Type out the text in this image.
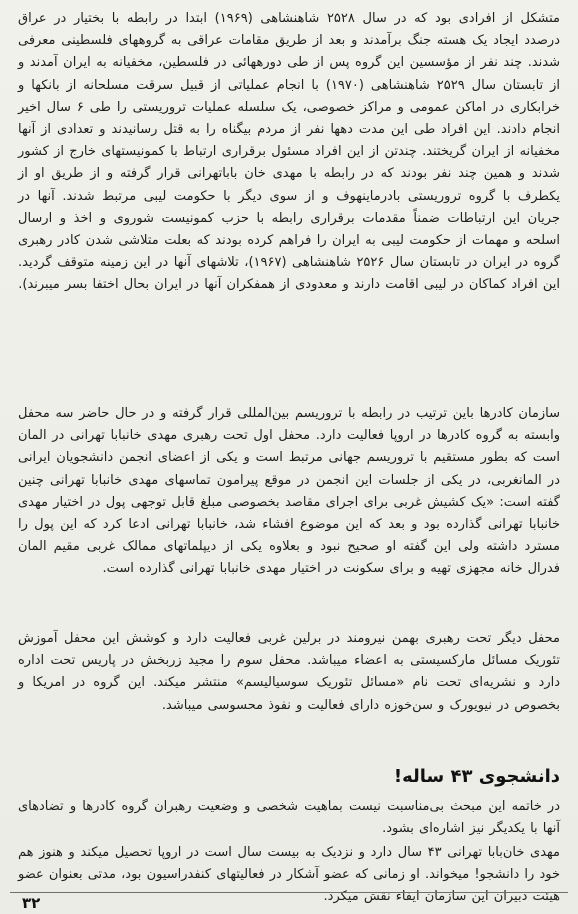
متشکل از افرادی بود که در سال ۲۵۲۸ شاهنشاهی (۱۹۶۹) ابتدا در رابطه با بختیار در عراق درصدد ایجاد یک هسته جنگ برآمدند و بعد از طریق مقامات عراقی به گروههای فلسطینی معرفی شدند. چند نفر از مؤسسین این گروه پس از طی دورههائی در فلسطین، مخفیانه به ایران آمدند و از تابستان سال ۲۵۲۹ شاهنشاهی (۱۹۷۰) با انجام عملیاتی از قبیل سرقت مسلحانه از بانکها و خرابکاری در اماکن عمومی و مراکز خصوصی، یک سلسله عملیات تروریستی را طی ۶ سال اخیر انجام دادند. این افراد طی این مدت دهها نفر از مردم بیگناه را به قتل رسانیدند و تعدادی از آنها مخفیانه از ایران گریختند. چندتن از این افراد مسئول برقراری ارتباط با کمونیستهای خارج از کشور شدند و همین چند نفر بودند که در رابطه با مهدی خان باباتهرانی قرار گرفته و از طریق او از یکطرف با گروه تروریستی بادرماینهوف و از سوی دیگر با حکومت لیبی مرتبط شدند. آنها در جریان این ارتباطات ضمناً مقدمات برقراری رابطه با حزب کمونیست شوروی و اخذ و ارسال اسلحه و مهمات از حکومت لیبی به ایران را فراهم کرده بودند که بعلت متلاشی شدن کادر رهبری گروه در ایران در تابستان سال ۲۵۲۶ شاهنشاهی (۱۹۶۷)، تلاشهای آنها در این زمینه متوقف گردید. این افراد کماکان در لیبی اقامت دارند و معدودی از همفکران آنها در ایران بحال اختفا بسر میبرند).

سازمان کادرها باین ترتیب در رابطه با تروریسم بین‌المللی قرار گرفته و در حال حاضر سه محفل وابسته به گروه کادرها در اروپا فعالیت دارد. محفل اول تحت رهبری مهدی خانبابا تهرانی در المان است که بطور مستقیم با تروریسم جهانی مرتبط است و یکی از اعضای انجمن دانشجویان ایرانی در المانغربی، در یکی از جلسات این انجمن در موقع پیرامون تماسهای مهدی خانبابا تهرانی چنین گفته است: «یک کشیش غربی برای اجرای مقاصد بخصوصی مبلغ قابل توجهی پول در اختیار مهدی خانبابا تهرانی گذارده بود و بعد که این موضوع افشاء شد، خانبابا تهرانی ادعا کرد که این پول را مسترد داشته ولی این گفته او صحیح نبود و بعلاوه یکی از دیپلماتهای ممالک غربی مقیم المان فدرال خانه مجهزی تهیه و برای سکونت در اختیار مهدی خانبابا تهرانی گذارده است.

محفل دیگر تحت رهبری بهمن نیرومند در برلین غربی فعالیت دارد و کوشش این محفل آموزش تئوریک مسائل مارکسیستی به اعضاء میباشد. محفل سوم را مجید زربخش در پاریس تحت اداره دارد و نشریه‌ای تحت نام «مسائل تئوریک سوسیالیسم» منتشر میکند. این گروه در امریکا و بخصوص در نیویورک و سن‌خوزه دارای فعالیت و نفوذ محسوسی میباشد.

دانشجوی ۴۳ ساله!

در خاتمه این مبحث بی‌مناسبت نیست بماهیت شخصی و وضعیت رهبران گروه کادرها و تضادهای آنها با یکدیگر نیز اشاره‌ای بشود.

مهدی خان‌بابا تهرانی ۴۳ سال دارد و نزدیک به بیست سال است در اروپا تحصیل میکند و هنوز هم خود را دانشجو! میخواند. او زمانی که عضو آشکار در فعالیتهای کنفدراسیون بود، مدتی بعنوان عضو هیئت دبیران این سازمان ایفاء نقش میکرد.

۳۲
